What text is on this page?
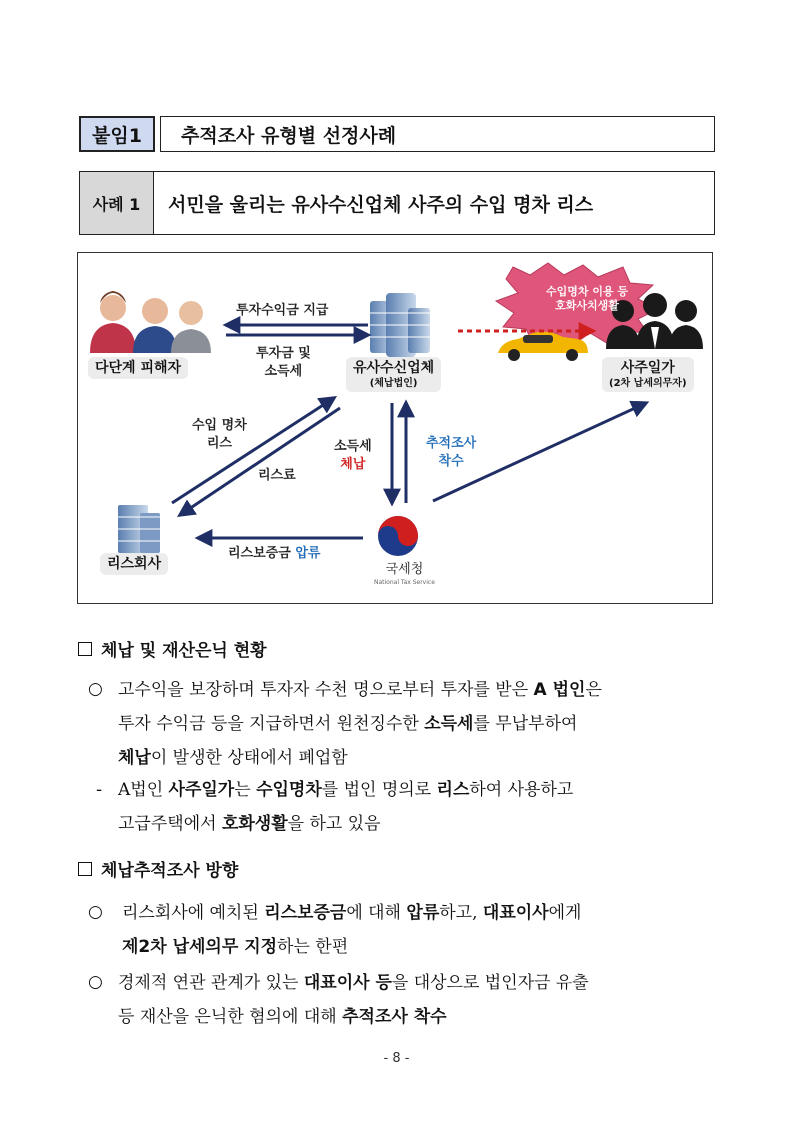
붙임1 추적조사 유형별 선정사례
사례 1	서민을 울리는 유사수신업체 사주의 수입 명차 리스
수입명차 이용 등
호화사치생활
투자수익금 지급
투자금 및
소득세
다단계 피해자	유사수신업체
(체납법인)
사주일가
(2차 납세의무자)
수입 명차
리스
리스료
소득세
체납
추적조사
착수
리스보증금 압류
리스회사	국세청
National Tax Service
체납 및 재산은닉 현황
○ 고수익을 보장하며 투자자 수천 명으로부터 투자를 받은 A 법인은
투자 수익금 등을 지급하면서 원천징수한 소득세를 무납부하여
체납이 발생한 상태에서 폐업함
- A법인 사주일가는 수입명차를 법인 명의로 리스하여 사용하고
고급주택에서 호화생활을 하고 있음
체납추적조사 방향
○ 리스회사에 예치된 리스보증금에 대해 압류하고, 대표이사에게
제2차 납세의무 지정하는 한편
○ 경제적 연관 관계가 있는 대표이사 등을 대상으로 법인자금 유출
등 재산을 은닉한 혐의에 대해 추적조사 착수
- 8 -
